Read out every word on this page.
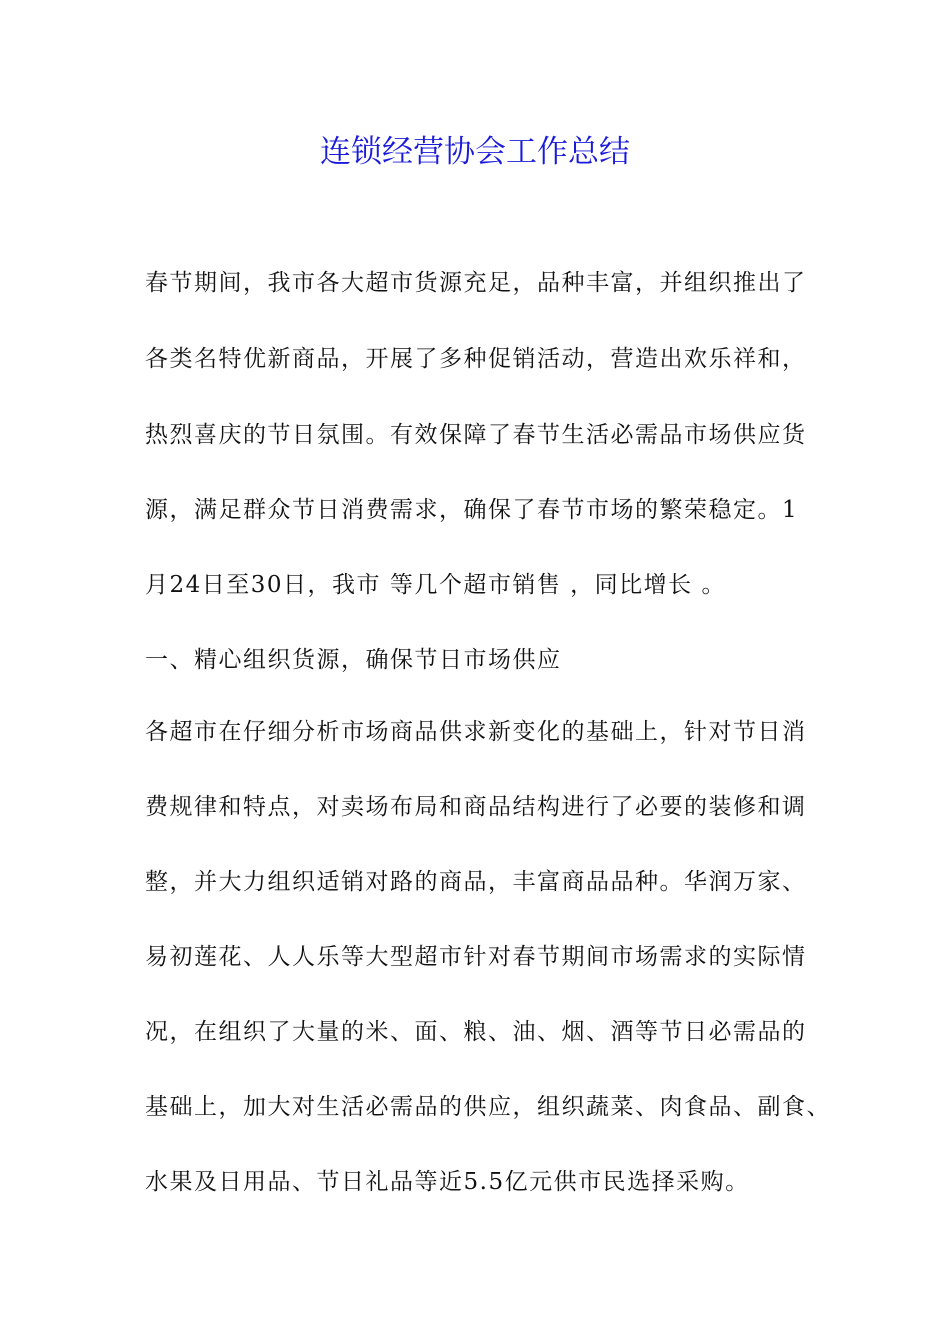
连锁经营协会工作总结

春节期间，我市各大超市货源充足，品种丰富，并组织推出了

各类名特优新商品，开展了多种促销活动，营造出欢乐祥和，

热烈喜庆的节日氛围。有效保障了春节生活必需品市场供应货

源，满足群众节日消费需求，确保了春节市场的繁荣稳定。1

月24日至30日，我市 等几个超市销售 ，同比增长 。

一、精心组织货源，确保节日市场供应

各超市在仔细分析市场商品供求新变化的基础上，针对节日消

费规律和特点，对卖场布局和商品结构进行了必要的装修和调

整，并大力组织适销对路的商品，丰富商品品种。华润万家、

易初莲花、人人乐等大型超市针对春节期间市场需求的实际情

况，在组织了大量的米、面、粮、油、烟、酒等节日必需品的

基础上，加大对生活必需品的供应，组织蔬菜、肉食品、副食、

水果及日用品、节日礼品等近5.5亿元供市民选择采购。
